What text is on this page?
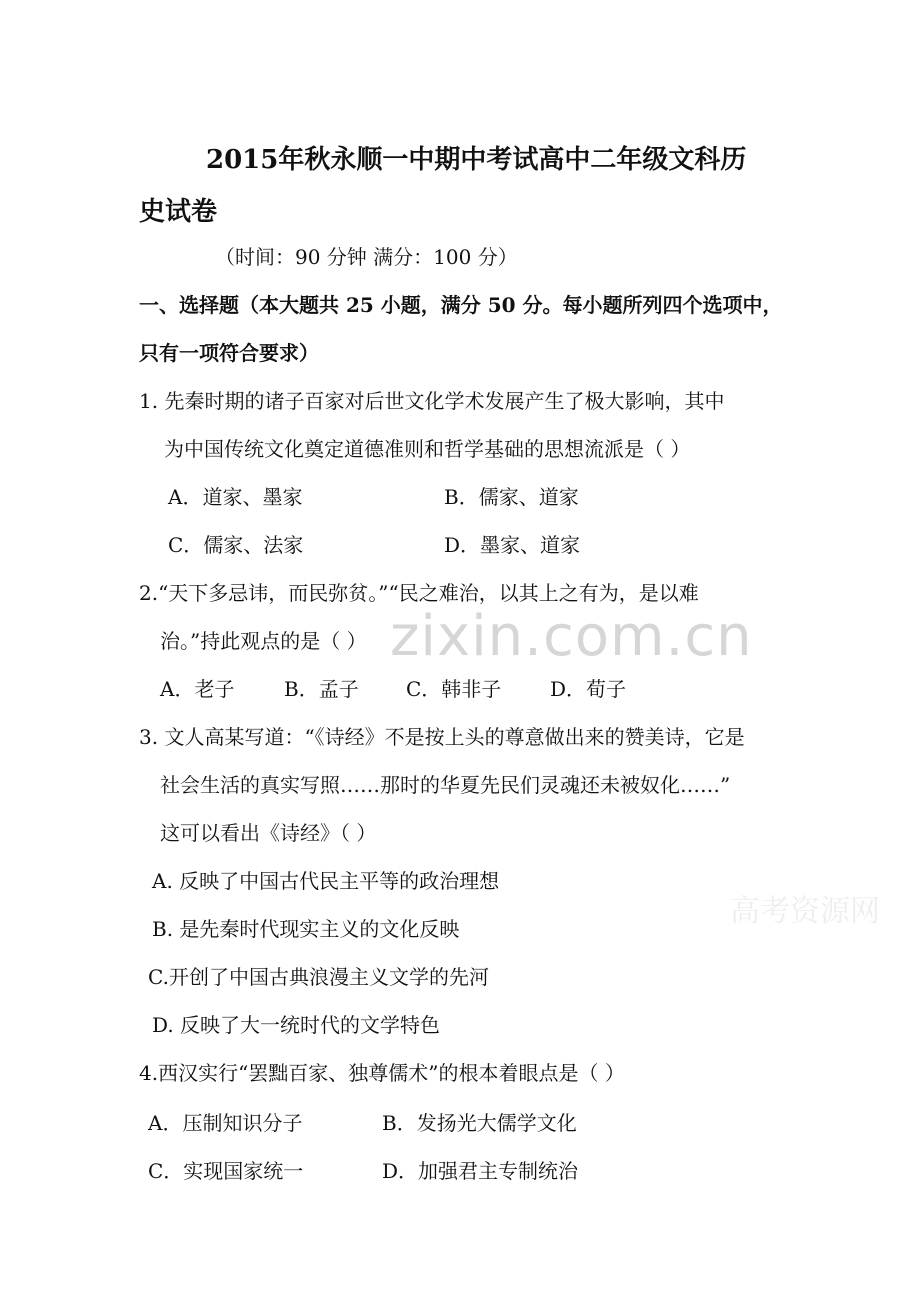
2015年秋永顺一中期中考试高中二年级文科历
史试卷
（时间：90 分钟 满分：100 分）
一、选择题（本大题共 25 小题，满分 50 分。每小题所列四个选项中，
只有一项符合要求）
1. 先秦时期的诸子百家对后世文化学术发展产生了极大影响，其中
为中国传统文化奠定道德准则和哲学基础的思想流派是（ ）
A．道家、墨家	B．儒家、道家
C．儒家、法家	D．墨家、道家
2.“天下多忌讳，而民弥贫。”“民之难治，以其上之有为，是以难
治。”持此观点的是（ ）
A．老子 B．孟子 C．韩非子 D．荀子
3. 文人高某写道：“《诗经》不是按上头的尊意做出来的赞美诗，它是
社会生活的真实写照……那时的华夏先民们灵魂还未被奴化……”
这可以看出《诗经》（ ）
A. 反映了中国古代民主平等的政治理想
B. 是先秦时代现实主义的文化反映
C.开创了中国古典浪漫主义文学的先河
D. 反映了大一统时代的文学特色
4.西汉实行“罢黜百家、独尊儒术”的根本着眼点是（ ）
A．压制知识分子	B．发扬光大儒学文化
C．实现国家统一	D．加强君主专制统治
zixin.com.cn
高考资源网
